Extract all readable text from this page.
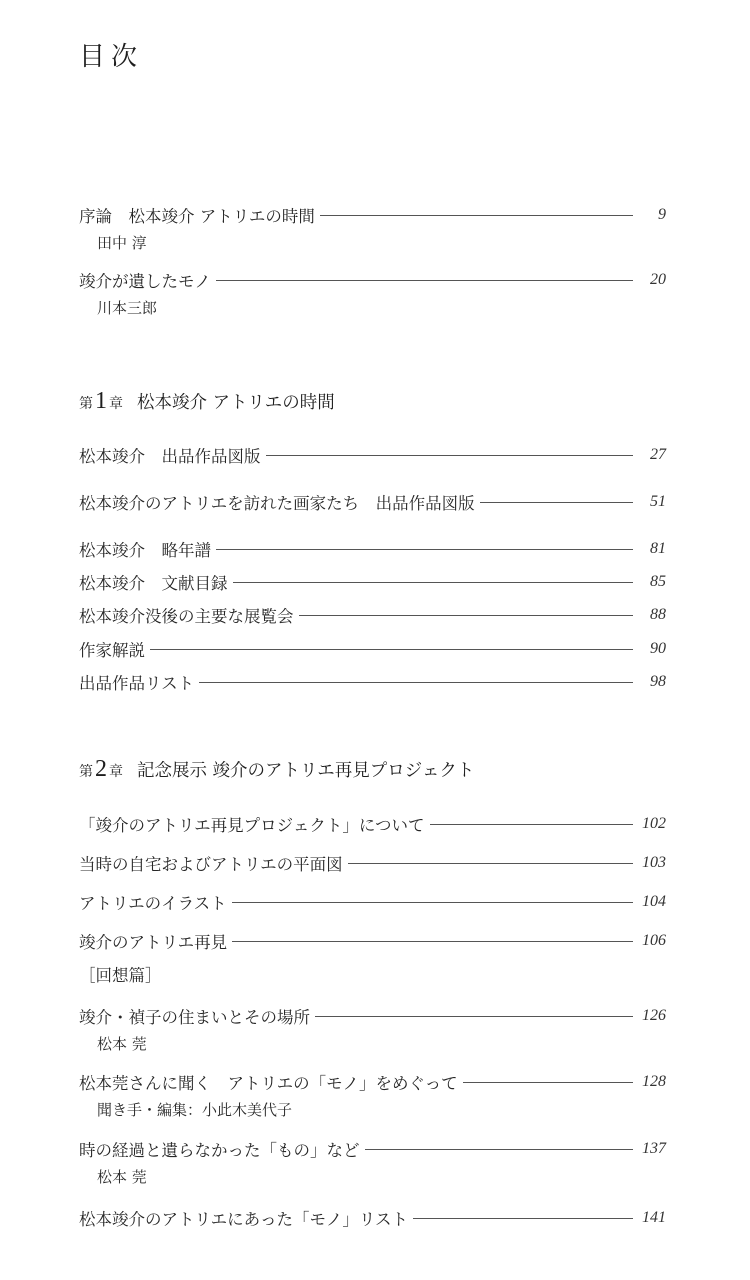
目次
序論　松本竣介 アトリエの時間	9
田中 淳
竣介が遺したモノ	20
川本三郎
第 1 章 松本竣介 アトリエの時間
松本竣介　出品作品図版	27
松本竣介のアトリエを訪れた画家たち　出品作品図版	51
松本竣介　略年譜	81
松本竣介　文献目録	85
松本竣介没後の主要な展覧会	88
作家解説	90
出品作品リスト	98
第 2 章 記念展示 竣介のアトリエ再見プロジェクト
「竣介のアトリエ再見プロジェクト」について	102
当時の自宅およびアトリエの平面図	103
アトリエのイラスト	104
竣介のアトリエ再見	106
［回想篇］
竣介・禎子の住まいとその場所	126
松本 莞
松本莞さんに聞く　アトリエの「モノ」をめぐって	128
聞き手・編集：小此木美代子
時の経過と遺らなかった「もの」など	137
松本 莞
松本竣介のアトリエにあった「モノ」リスト	141
